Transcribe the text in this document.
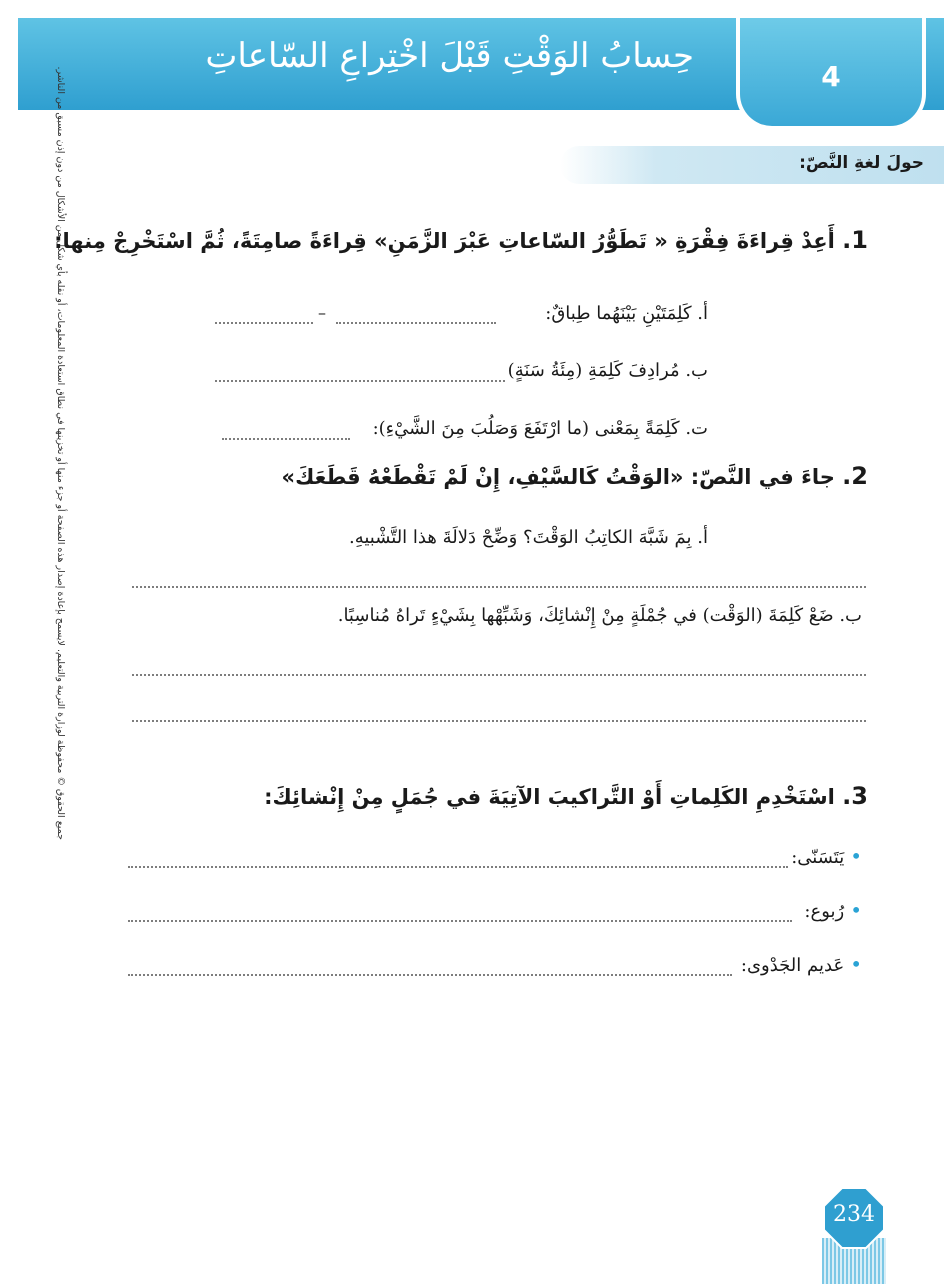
حِسابُ الوَقْتِ قَبْلَ اخْتِراعِ السّاعاتِ
4
حولَ لغةِ النَّصّ:
جميع الحقوق © محفوظة لوزارة التربية والتعليم. لايسمح بإعادة إصدار هذه الصفحة أو جزء منها أو تخزينها في نطاق استعادة المعلومات، أو نقله بأي شكل من الأشكال من دون إذن مسبق من الناشر.	1. أَعِدْ قِراءَةَ فِقْرَةِ « تَطَوُّرُ السّاعاتِ عَبْرَ الزَّمَنِ» قِراءَةً صامِتَةً، ثُمَّ اسْتَخْرِجْ مِنها:
أ. كَلِمَتَيْنِ بَيْنَهُما طِباقٌ:
–
ب. مُرادِفَ كَلِمَةِ (مِئَةُ سَنَةٍ)
ت. كَلِمَةً بِمَعْنى (ما ارْتَفَعَ وَصَلُبَ مِنَ الشَّيْءِ):
2. جاءَ في النَّصّ: «الوَقْتُ كَالسَّيْفِ، إِنْ لَمْ تَقْطَعْهُ قَطَعَكَ»
أ. بِمَ شَبَّهَ الكاتِبُ الوَقْتَ؟ وَضِّحْ دَلالَةَ هذا التَّشْبيهِ.
ب. ضَعْ كَلِمَةَ (الوَقْت) في جُمْلَةٍ مِنْ إِنْشائِكَ، وَشَبِّهْها بِشَيْءٍ تَراهُ مُناسِبًا.
3. اسْتَخْدِمِ الكَلِماتِ أَوْ التَّراكيبَ الآتِيَةَ في جُمَلٍ مِنْ إِنْشائِكَ:
•يَتَسَنّى:
•رُبوع:
•عَديم الجَدْوى:
234
